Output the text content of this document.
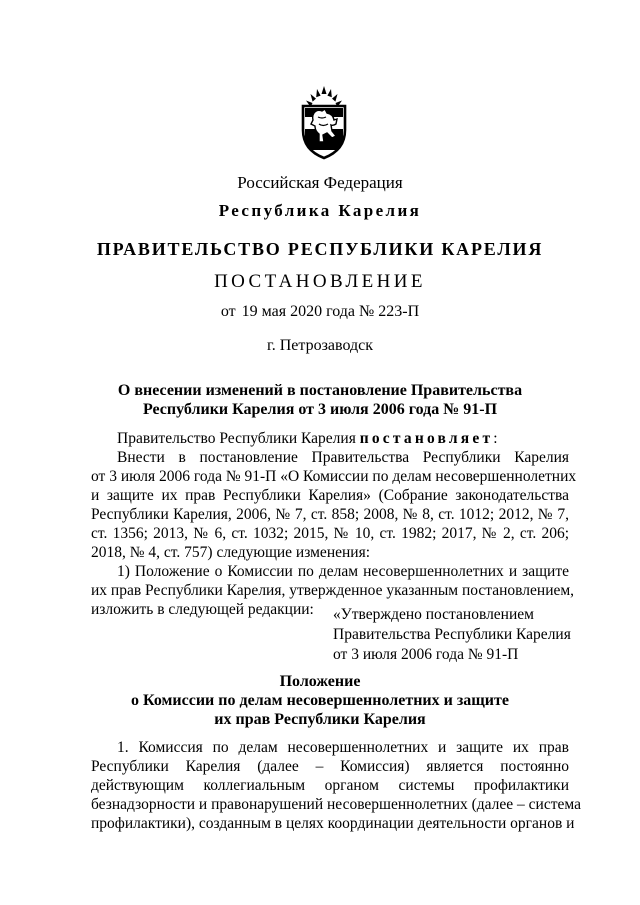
Российская Федерация
Республика Карелия
ПРАВИТЕЛЬСТВО РЕСПУБЛИКИ КАРЕЛИЯ
ПОСТАНОВЛЕНИЕ
от 19 мая 2020 года № 223-П
г. Петрозаводск
О внесении изменений в постановление Правительства
Республики Карелия от 3 июля 2006 года № 91-П
Правительство Республики Карелия постановляет:
Внести в постановление Правительства Республики Карелия
от 3 июля 2006 года № 91-П «О Комиссии по делам несовершеннолетних
и защите их прав Республики Карелия» (Собрание законодательства
Республики Карелия, 2006, № 7, ст. 858; 2008, № 8, ст. 1012; 2012, № 7,
ст. 1356; 2013, № 6, ст. 1032; 2015, № 10, ст. 1982; 2017, № 2, ст. 206;
2018, № 4, ст. 757) следующие изменения:
1) Положение о Комиссии по делам несовершеннолетних и защите
их прав Республики Карелия, утвержденное указанным постановлением,
изложить в следующей редакции:	«Утверждено постановлением
Правительства Республики Карелия
от 3 июля 2006 года № 91-П
Положение
о Комиссии по делам несовершеннолетних и защите
их прав Республики Карелия
1. Комиссия по делам несовершеннолетних и защите их прав
Республики Карелия (далее – Комиссия) является постоянно
действующим коллегиальным органом системы профилактики
безнадзорности и правонарушений несовершеннолетних (далее – система
профилактики), созданным в целях координации деятельности органов и
